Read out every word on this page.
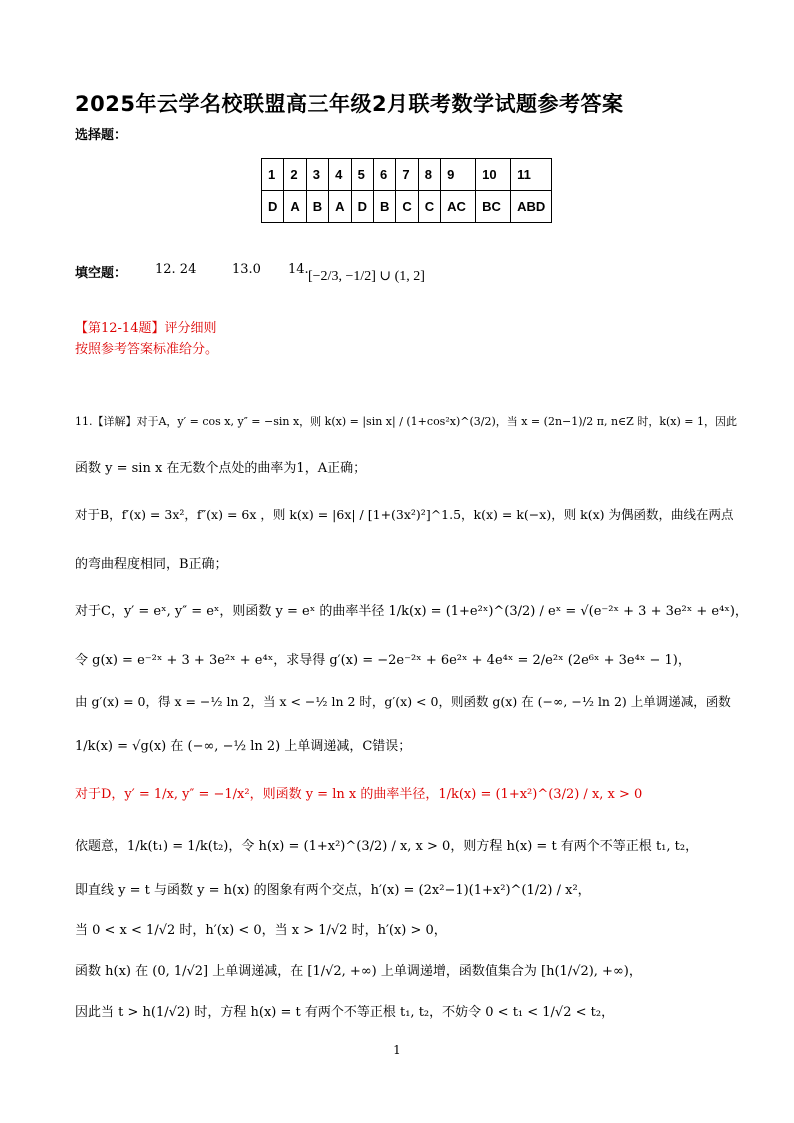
2025年云学名校联盟高三年级2月联考数学试题参考答案
选择题：
1	2	3	4	5	6	7	8	9	10	11
D	A	B	A	D	B	C	C	AC	BC	ABD
填空题： 12. 24	13.0 14. [−2/3, −1/2] ∪ (1, 2]
【第12-14题】评分细则
按照参考答案标准给分。
11.【详解】对于A，y′ = cos x, y″ = −sin x，则 k(x) = |sin x| / (1+cos²x)^(3/2)，当 x = (2n−1)/2 π, n∈Z 时，k(x) = 1，因此
函数 y = sin x 在无数个点处的曲率为1，A正确；
对于B，f′(x) = 3x²，f″(x) = 6x ，则 k(x) = |6x| / [1+(3x²)²]^1.5，k(x) = k(−x)，则 k(x) 为偶函数，曲线在两点
的弯曲程度相同，B正确；
对于C，y′ = eˣ, y″ = eˣ，则函数 y = eˣ 的曲率半径 1/k(x) = (1+e²ˣ)^(3/2) / eˣ = √(e⁻²ˣ + 3 + 3e²ˣ + e⁴ˣ)，
令 g(x) = e⁻²ˣ + 3 + 3e²ˣ + e⁴ˣ，求导得 g′(x) = −2e⁻²ˣ + 6e²ˣ + 4e⁴ˣ = 2/e²ˣ (2e⁶ˣ + 3e⁴ˣ − 1)，
由 g′(x) = 0，得 x = −½ ln 2，当 x < −½ ln 2 时，g′(x) < 0，则函数 g(x) 在 (−∞, −½ ln 2) 上单调递减，函数
1/k(x) = √g(x) 在 (−∞, −½ ln 2) 上单调递减，C错误；
对于D，y′ = 1/x, y″ = −1/x²，则函数 y = ln x 的曲率半径，1/k(x) = (1+x²)^(3/2) / x, x > 0
依题意，1/k(t₁) = 1/k(t₂)，令 h(x) = (1+x²)^(3/2) / x, x > 0，则方程 h(x) = t 有两个不等正根 t₁, t₂，
即直线 y = t 与函数 y = h(x) 的图象有两个交点，h′(x) = (2x²−1)(1+x²)^(1/2) / x²，
当 0 < x < 1/√2 时，h′(x) < 0，当 x > 1/√2 时，h′(x) > 0，
函数 h(x) 在 (0, 1/√2] 上单调递减，在 [1/√2, +∞) 上单调递增，函数值集合为 [h(1/√2), +∞)，
因此当 t > h(1/√2) 时，方程 h(x) = t 有两个不等正根 t₁, t₂，不妨令 0 < t₁ < 1/√2 < t₂，
1
